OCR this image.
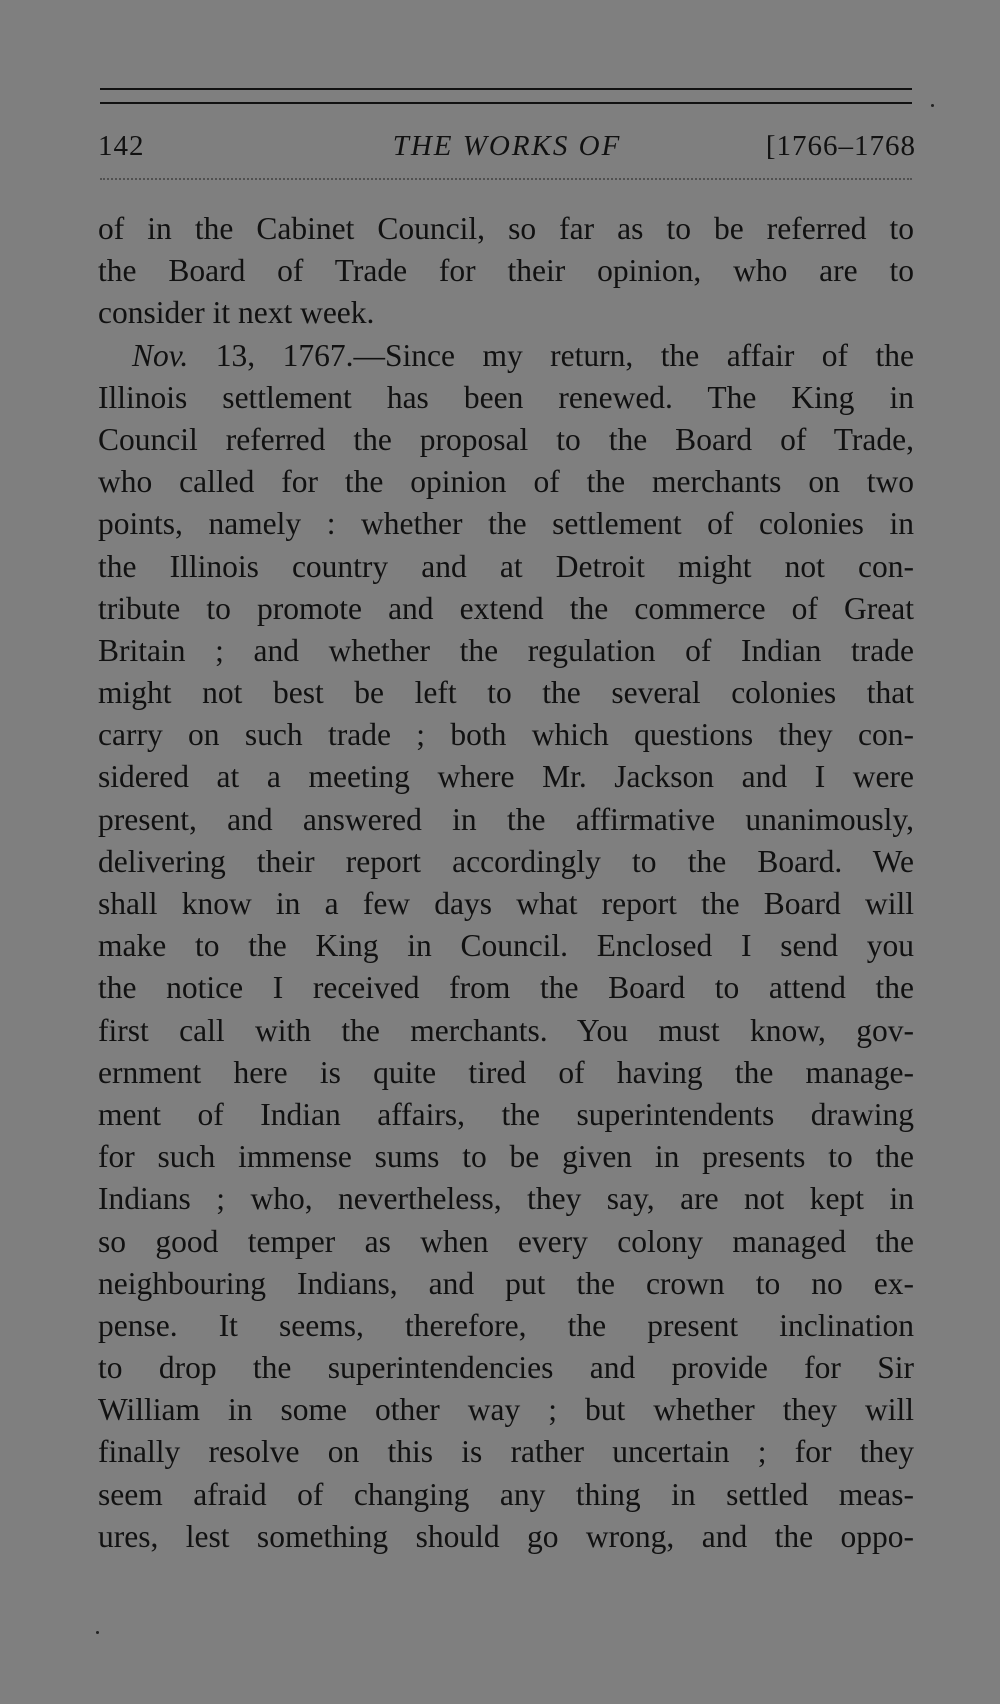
142	THE WORKS OF	[1766–1768
of in the Cabinet Council, so far as to be referred to
the Board of Trade for their opinion, who are to
consider it next week.
Nov. 13, 1767.—Since my return, the affair of the
Illinois settlement has been renewed. The King in
Council referred the proposal to the Board of Trade,
who called for the opinion of the merchants on two
points, namely : whether the settlement of colonies in
the Illinois country and at Detroit might not con-
tribute to promote and extend the commerce of Great
Britain ; and whether the regulation of Indian trade
might not best be left to the several colonies that
carry on such trade ; both which questions they con-
sidered at a meeting where Mr. Jackson and I were
present, and answered in the affirmative unanimously,
delivering their report accordingly to the Board. We
shall know in a few days what report the Board will
make to the King in Council. Enclosed I send you
the notice I received from the Board to attend the
first call with the merchants. You must know, gov-
ernment here is quite tired of having the manage-
ment of Indian affairs, the superintendents drawing
for such immense sums to be given in presents to the
Indians ; who, nevertheless, they say, are not kept in
so good temper as when every colony managed the
neighbouring Indians, and put the crown to no ex-
pense. It seems, therefore, the present inclination
to drop the superintendencies and provide for Sir
William in some other way ; but whether they will
finally resolve on this is rather uncertain ; for they
seem afraid of changing any thing in settled meas-
ures, lest something should go wrong, and the oppo-
